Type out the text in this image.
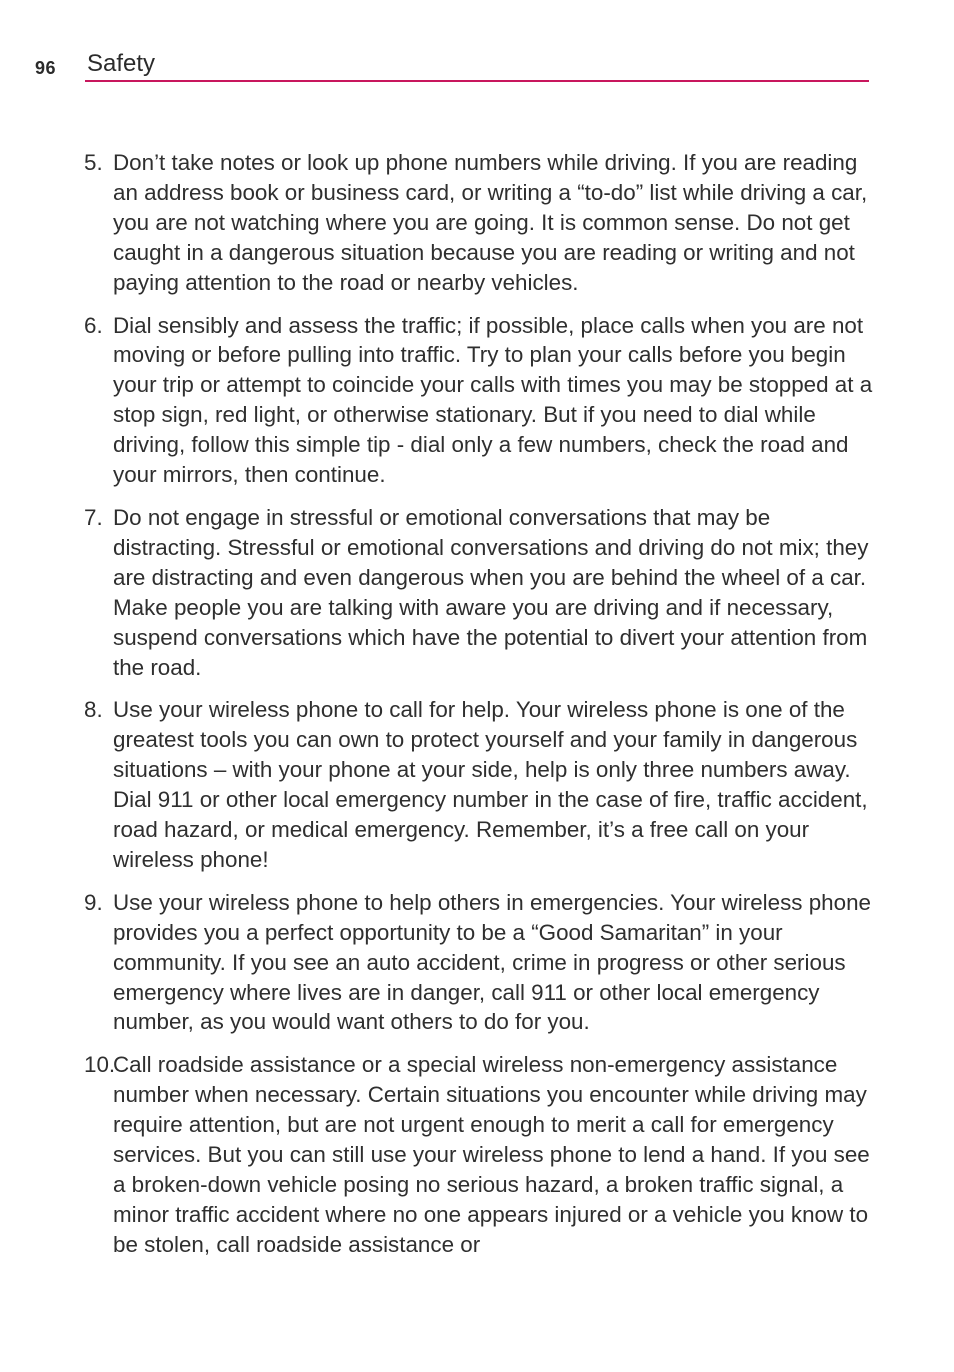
96 Safety
5. Don’t take notes or look up phone numbers while driving. If you are reading an address book or business card, or writing a “to-do” list while driving a car, you are not watching where you are going. It is common sense. Do not get caught in a dangerous situation because you are reading or writing and not paying attention to the road or nearby vehicles.
6. Dial sensibly and assess the traffic; if possible, place calls when you are not moving or before pulling into traffic. Try to plan your calls before you begin your trip or attempt to coincide your calls with times you may be stopped at a stop sign, red light, or otherwise stationary. But if you need to dial while driving, follow this simple tip - dial only a few numbers, check the road and your mirrors, then continue.
7. Do not engage in stressful or emotional conversations that may be distracting. Stressful or emotional conversations and driving do not mix; they are distracting and even dangerous when you are behind the wheel of a car. Make people you are talking with aware you are driving and if necessary, suspend conversations which have the potential to divert your attention from the road.
8. Use your wireless phone to call for help. Your wireless phone is one of the greatest tools you can own to protect yourself and your family in dangerous situations – with your phone at your side, help is only three numbers away. Dial 911 or other local emergency number in the case of fire, traffic accident, road hazard, or medical emergency. Remember, it’s a free call on your wireless phone!
9. Use your wireless phone to help others in emergencies. Your wireless phone provides you a perfect opportunity to be a “Good Samaritan” in your community. If you see an auto accident, crime in progress or other serious emergency where lives are in danger, call 911 or other local emergency number, as you would want others to do for you.
10.
Call roadside assistance or a special wireless non-emergency assistance number when necessary. Certain situations you encounter while driving may require attention, but are not urgent enough to merit a call for emergency services. But you can still use your wireless phone to lend a hand. If you see a broken-down vehicle posing no serious hazard, a broken traffic signal, a minor traffic accident where no one appears injured or a vehicle you know to be stolen, call roadside assistance or
